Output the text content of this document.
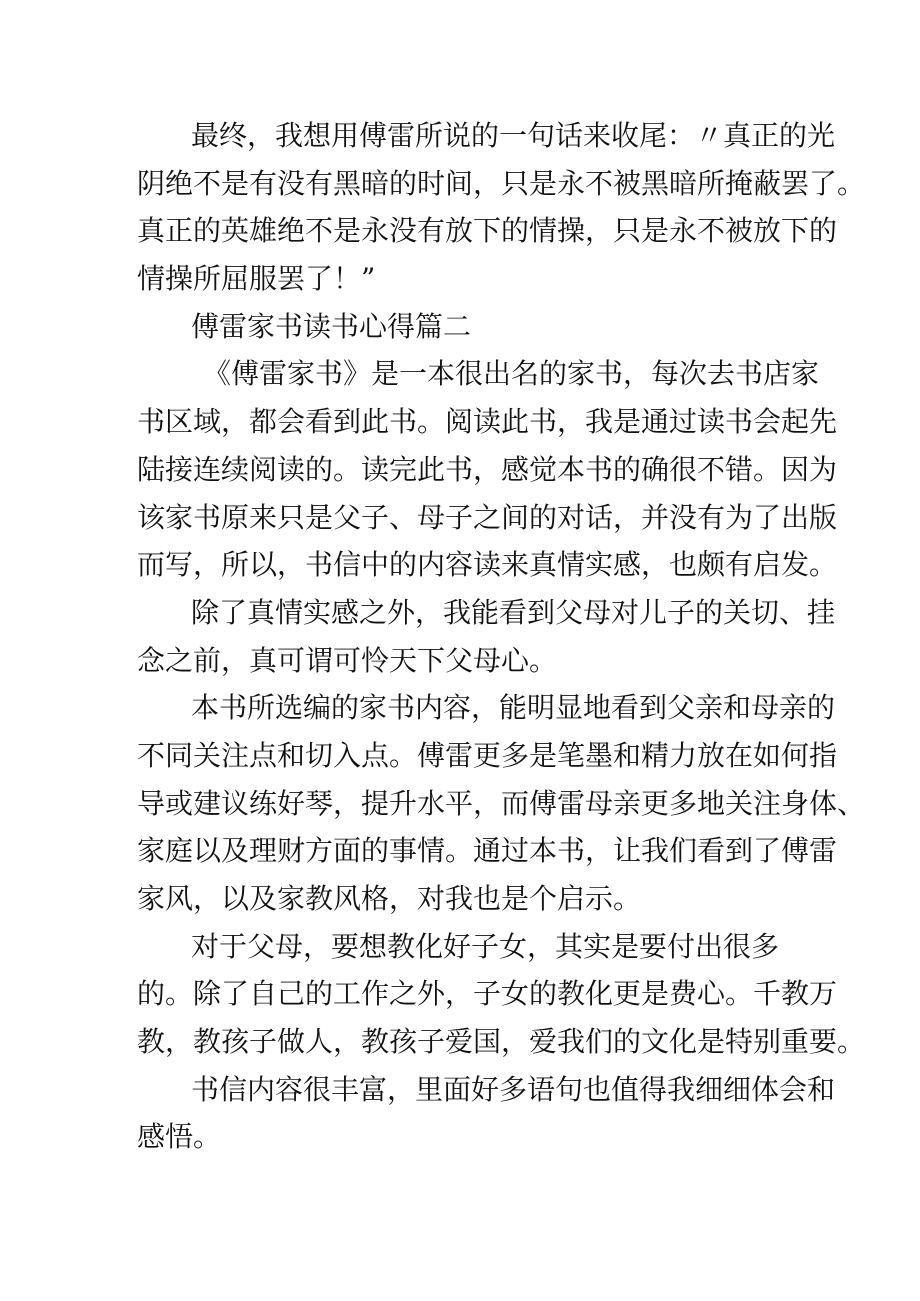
最终，我想用傅雷所说的一句话来收尾：〃真正的光
阴绝不是有没有黑暗的时间，只是永不被黑暗所掩蔽罢了。
真正的英雄绝不是永没有放下的情操，只是永不被放下的
情操所屈服罢了！”
傅雷家书读书心得篇二
《傅雷家书》是一本很出名的家书，每次去书店家
书区域，都会看到此书。阅读此书，我是通过读书会起先
陆接连续阅读的。读完此书，感觉本书的确很不错。因为
该家书原来只是父子、母子之间的对话，并没有为了出版
而写，所以，书信中的内容读来真情实感，也颇有启发。
除了真情实感之外，我能看到父母对儿子的关切、挂
念之前，真可谓可怜天下父母心。
本书所选编的家书内容，能明显地看到父亲和母亲的
不同关注点和切入点。傅雷更多是笔墨和精力放在如何指
导或建议练好琴，提升水平，而傅雷母亲更多地关注身体、
家庭以及理财方面的事情。通过本书，让我们看到了傅雷
家风，以及家教风格，对我也是个启示。
对于父母，要想教化好子女，其实是要付出很多
的。除了自己的工作之外，子女的教化更是费心。千教万
教，教孩子做人，教孩子爱国，爱我们的文化是特别重要。
书信内容很丰富，里面好多语句也值得我细细体会和
感悟。
